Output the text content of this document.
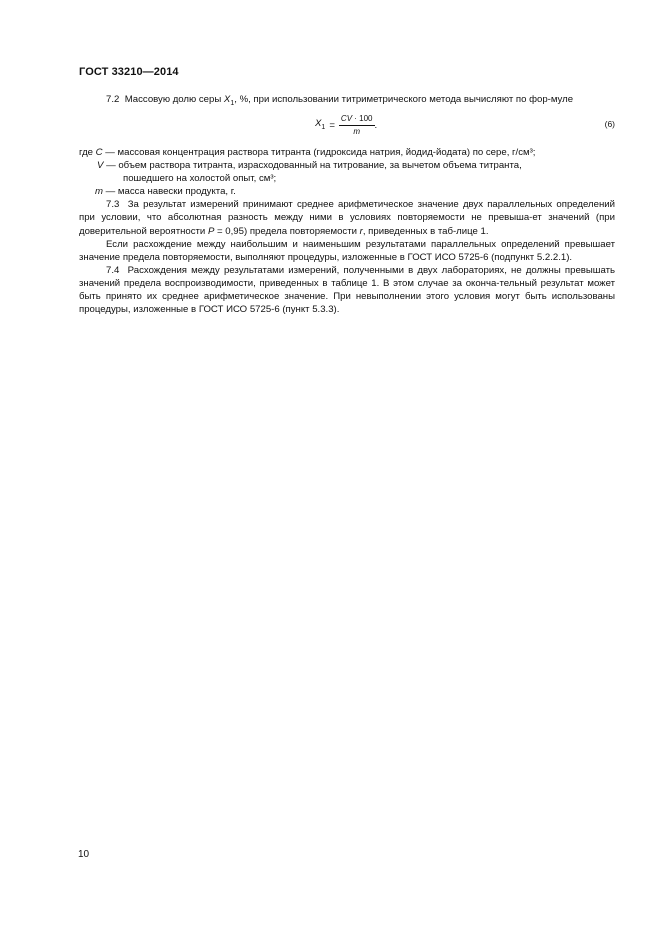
ГОСТ 33210—2014

7.2 Массовую долю серы $X_1$, %, при использовании титриметрического метода вычисляют по фор-муле

$X_1 = \frac{CV \cdot 100}{m}$ .	(6)

где C — массовая концентрация раствора титранта (гидроксида натрия, йодид-йодата) по сере, г/см³;

V — объем раствора титранта, израсходованный на титрование, за вычетом объема титранта,

пошедшего на холостой опыт, см³;

m — масса навески продукта, г.

7.3 За результат измерений принимают среднее арифметическое значение двух параллельных определений при условии, что абсолютная разность между ними в условиях повторяемости не превыша-ет значений (при доверительной вероятности P = 0,95) предела повторяемости r, приведенных в таб-лице 1.

Если расхождение между наибольшим и наименьшим результатами параллельных определений превышает значение предела повторяемости, выполняют процедуры, изложенные в ГОСТ ИСО 5725-6 (подпункт 5.2.2.1).

7.4 Расхождения между результатами измерений, полученными в двух лабораториях, не должны превышать значений предела воспроизводимости, приведенных в таблице 1. В этом случае за оконча-тельный результат может быть принято их среднее арифметическое значение. При невыполнении этого условия могут быть использованы процедуры, изложенные в ГОСТ ИСО 5725-6 (пункт 5.3.3).

10
